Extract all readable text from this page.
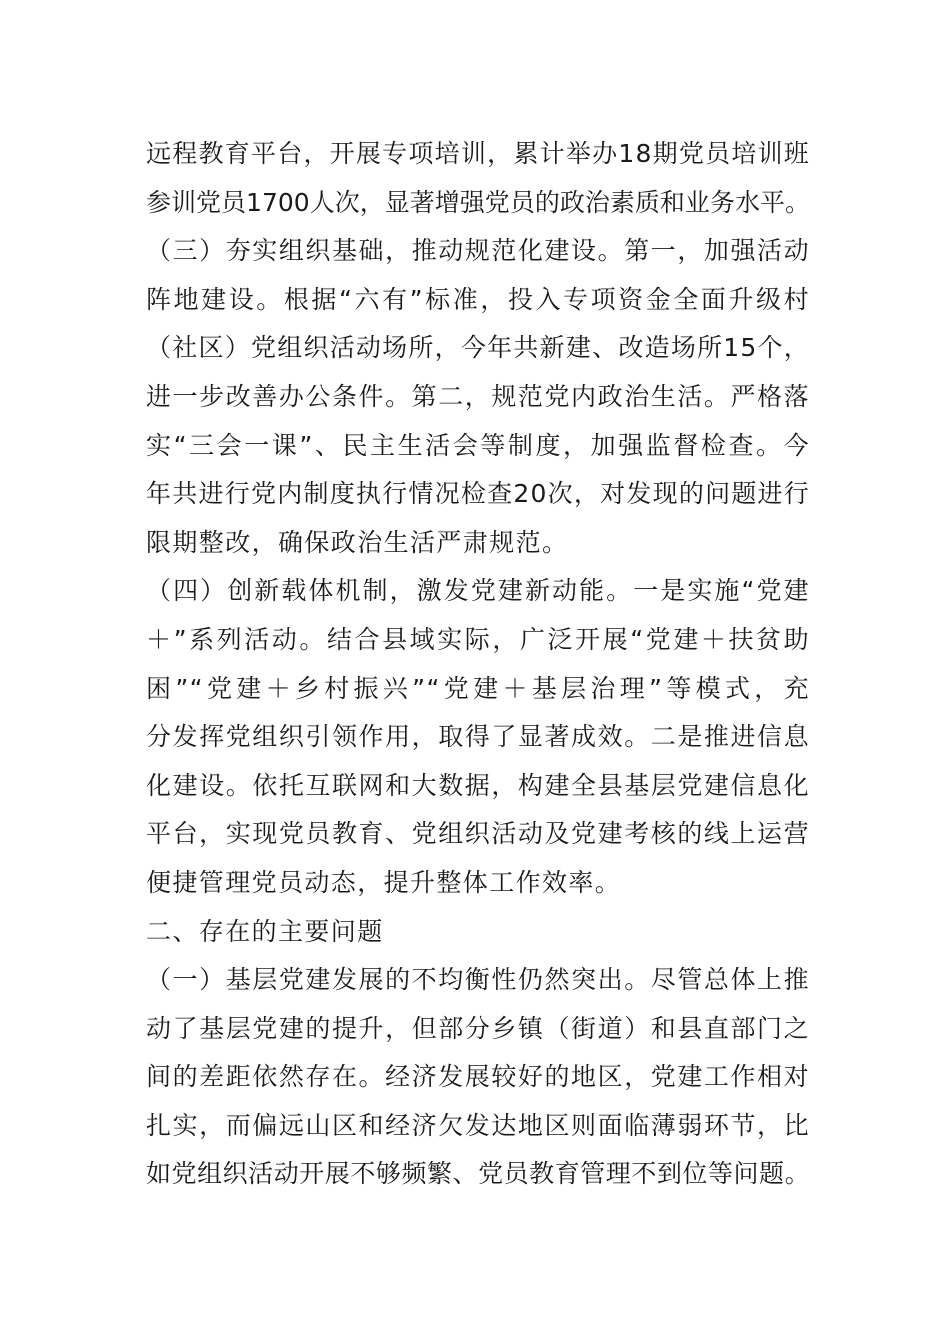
远程教育平台，开展专项培训，累计举办18期党员培训班
参训党员1700人次，显著增强党员的政治素质和业务水平。
（三）夯实组织基础，推动规范化建设。第一，加强活动
阵地建设。根据“六有”标准，投入专项资金全面升级村
（社区）党组织活动场所，今年共新建、改造场所15个，
进一步改善办公条件。第二，规范党内政治生活。严格落
实“三会一课”、民主生活会等制度，加强监督检查。今
年共进行党内制度执行情况检查20次，对发现的问题进行
限期整改，确保政治生活严肃规范。
（四）创新载体机制，激发党建新动能。一是实施“党建
＋”系列活动。结合县域实际，广泛开展“党建＋扶贫助
困”“党建＋乡村振兴”“党建＋基层治理”等模式，充
分发挥党组织引领作用，取得了显著成效。二是推进信息
化建设。依托互联网和大数据，构建全县基层党建信息化
平台，实现党员教育、党组织活动及党建考核的线上运营
便捷管理党员动态，提升整体工作效率。
二、存在的主要问题
（一）基层党建发展的不均衡性仍然突出。尽管总体上推
动了基层党建的提升，但部分乡镇（街道）和县直部门之
间的差距依然存在。经济发展较好的地区，党建工作相对
扎实，而偏远山区和经济欠发达地区则面临薄弱环节，比
如党组织活动开展不够频繁、党员教育管理不到位等问题。
